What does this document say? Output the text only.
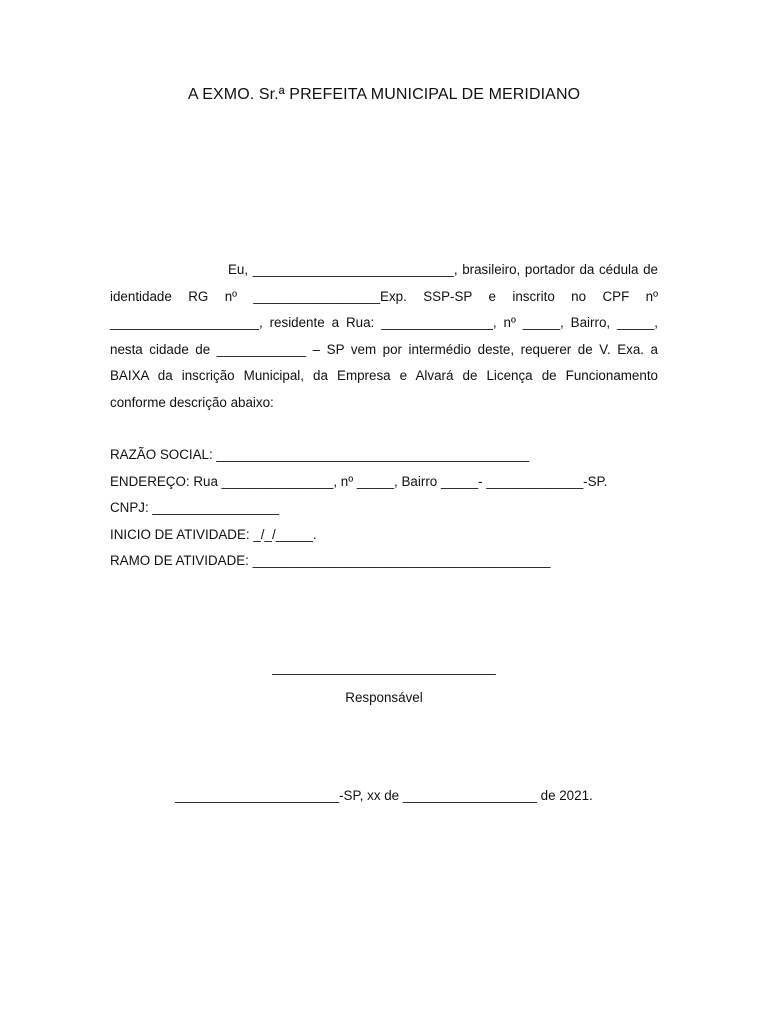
A EXMO. Sr.ª PREFEITA MUNICIPAL DE MERIDIANO

Eu, ___________________________, brasileiro, portador da cédula de identidade RG nº _________________Exp. SSP-SP e inscrito no CPF nº ____________________, residente a Rua: _______________, nº _____, Bairro, _____, nesta cidade de ____________ – SP vem por intermédio deste, requerer de V. Exa. a BAIXA da inscrição Municipal, da Empresa e Alvará de Licença de Funcionamento conforme descrição abaixo:

RAZÃO SOCIAL: __________________________________________
ENDEREÇO: Rua _______________, nº _____, Bairro _____- _____________-SP.
CNPJ: _________________
INICIO DE ATIVIDADE: _/_/_____.
RAMO DE ATIVIDADE: ________________________________________
______________________________
Responsável
______________________-SP, xx de __________________ de 2021.
